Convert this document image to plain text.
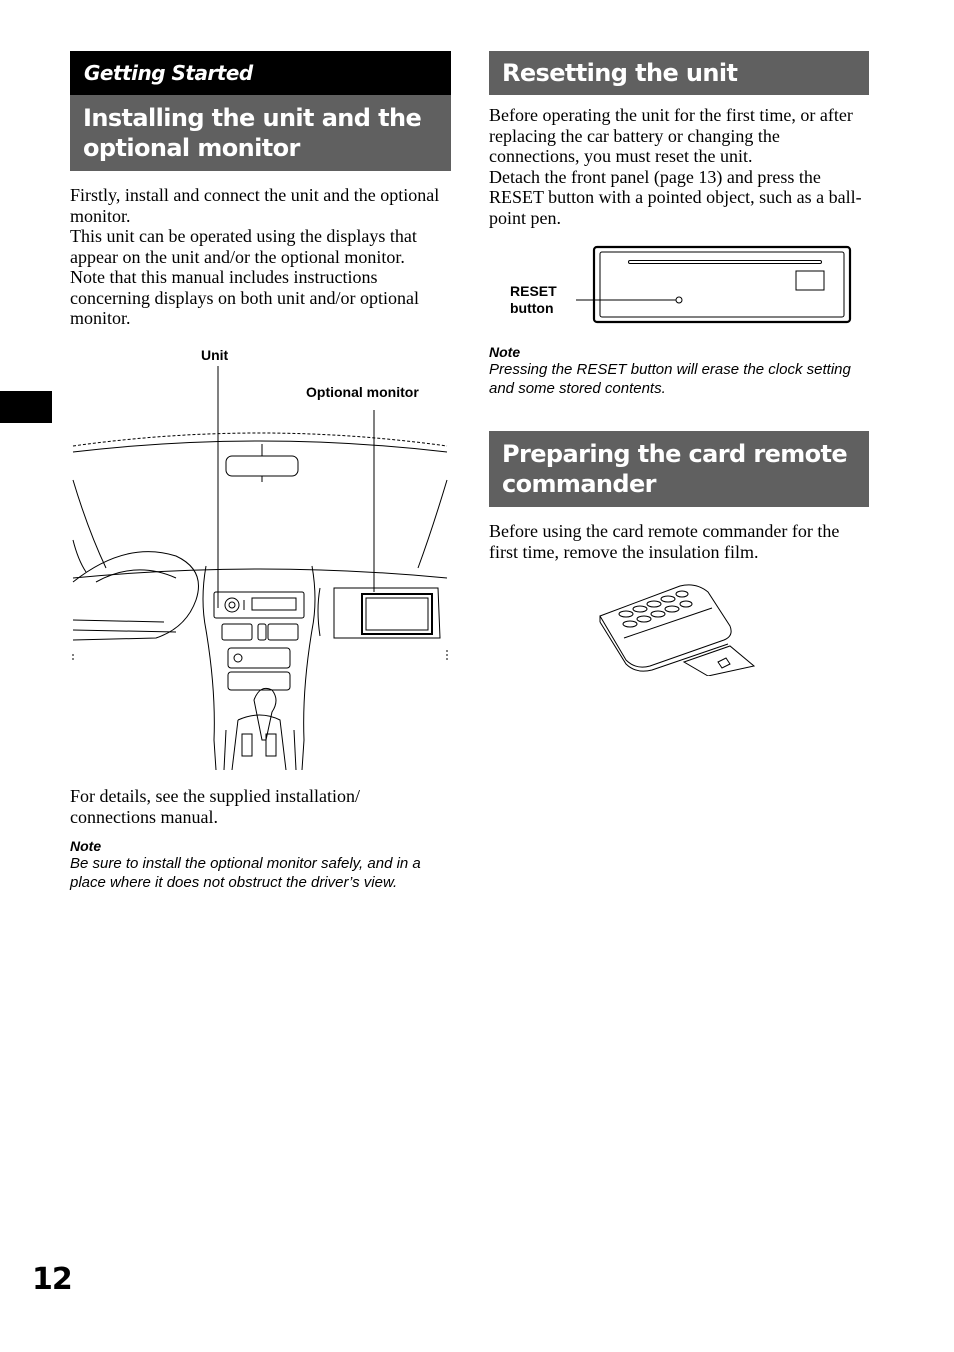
Getting Started
Installing the unit and the optional monitor

Firstly, install and connect the unit and the optional monitor.

This unit can be operated using the displays that appear on the unit and/or the optional monitor.

Note that this manual includes instructions concerning displays on both unit and/or optional monitor.

Unit
Optional monitor

For details, see the supplied installation/ connections manual.

Note

Be sure to install the optional monitor safely, and in a place where it does not obstruct the driver’s view.

Resetting the unit

Before operating the unit for the first time, or after replacing the car battery or changing the connections, you must reset the unit.

Detach the front panel (page 13) and press the RESET button with a pointed object, such as a ball-point pen.

RESET
button

Note

Pressing the RESET button will erase the clock setting and some stored contents.

Preparing the card remote commander

Before using the card remote commander for the first time, remove the insulation film.

12
